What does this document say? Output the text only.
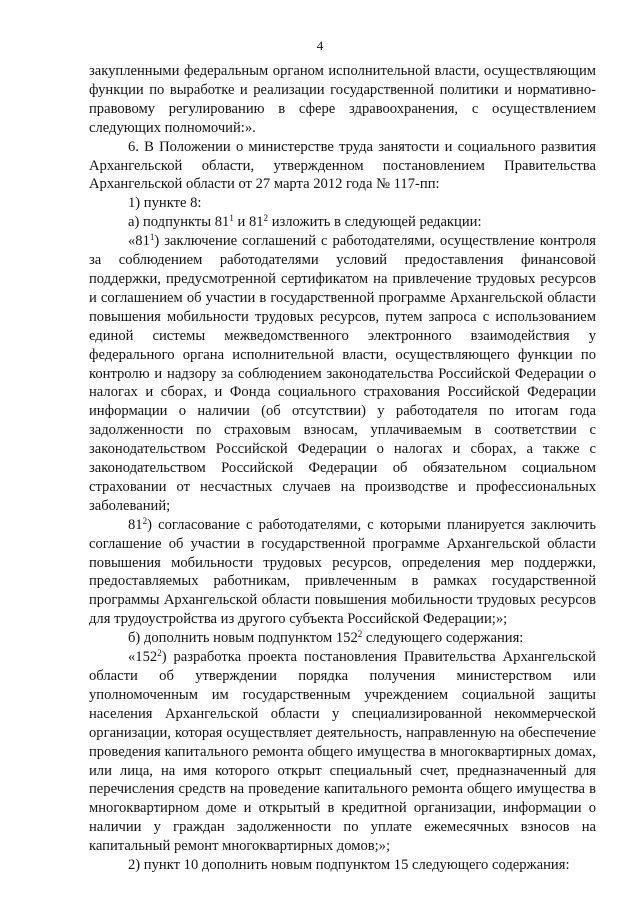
4

закупленными федеральным органом исполнительной власти, осуществляющим функции по выработке и реализации государственной политики и нормативно-правовому регулированию в сфере здравоохранения, с осуществлением следующих полномочий:».

6. В Положении о министерстве труда занятости и социального развития Архангельской области, утвержденном постановлением Правительства Архангельской области от 27 марта 2012 года № 117-пп:

1) пункте 8:

а) подпункты $81^1$ и $81^2$ изложить в следующей редакции:

«$81^1$) заключение соглашений с работодателями, осуществление контроля за соблюдением работодателями условий предоставления финансовой поддержки, предусмотренной сертификатом на привлечение трудовых ресурсов и соглашением об участии в государственной программе Архангельской области повышения мобильности трудовых ресурсов, путем запроса с использованием единой системы межведомственного электронного взаимодействия у федерального органа исполнительной власти, осуществляющего функции по контролю и надзору за соблюдением законодательства Российской Федерации о налогах и сборах, и Фонда социального страхования Российской Федерации информации о наличии (об отсутствии) у работодателя по итогам года задолженности по страховым взносам, уплачиваемым в соответствии с законодательством Российской Федерации о налогах и сборах, а также с законодательством Российской Федерации об обязательном социальном страховании от несчастных случаев на производстве и профессиональных заболеваний;

$81^2$) согласование с работодателями, с которыми планируется заключить соглашение об участии в государственной программе Архангельской области повышения мобильности трудовых ресурсов, определения мер поддержки, предоставляемых работникам, привлеченным в рамках государственной программы Архангельской области повышения мобильности трудовых ресурсов для трудоустройства из другого субъекта Российской Федерации;»;

б) дополнить новым подпунктом $152^2$ следующего содержания:

«$152^2$) разработка проекта постановления Правительства Архангельской области об утверждении порядка получения министерством или уполномоченным им государственным учреждением социальной защиты населения Архангельской области у специализированной некоммерческой организации, которая осуществляет деятельность, направленную на обеспечение проведения капитального ремонта общего имущества в многоквартирных домах, или лица, на имя которого открыт специальный счет, предназначенный для перечисления средств на проведение капитального ремонта общего имущества в многоквартирном доме и открытый в кредитной организации, информации о наличии у граждан задолженности по уплате ежемесячных взносов на капитальный ремонт многоквартирных домов;»;

2) пункт 10 дополнить новым подпунктом 15 следующего содержания:
